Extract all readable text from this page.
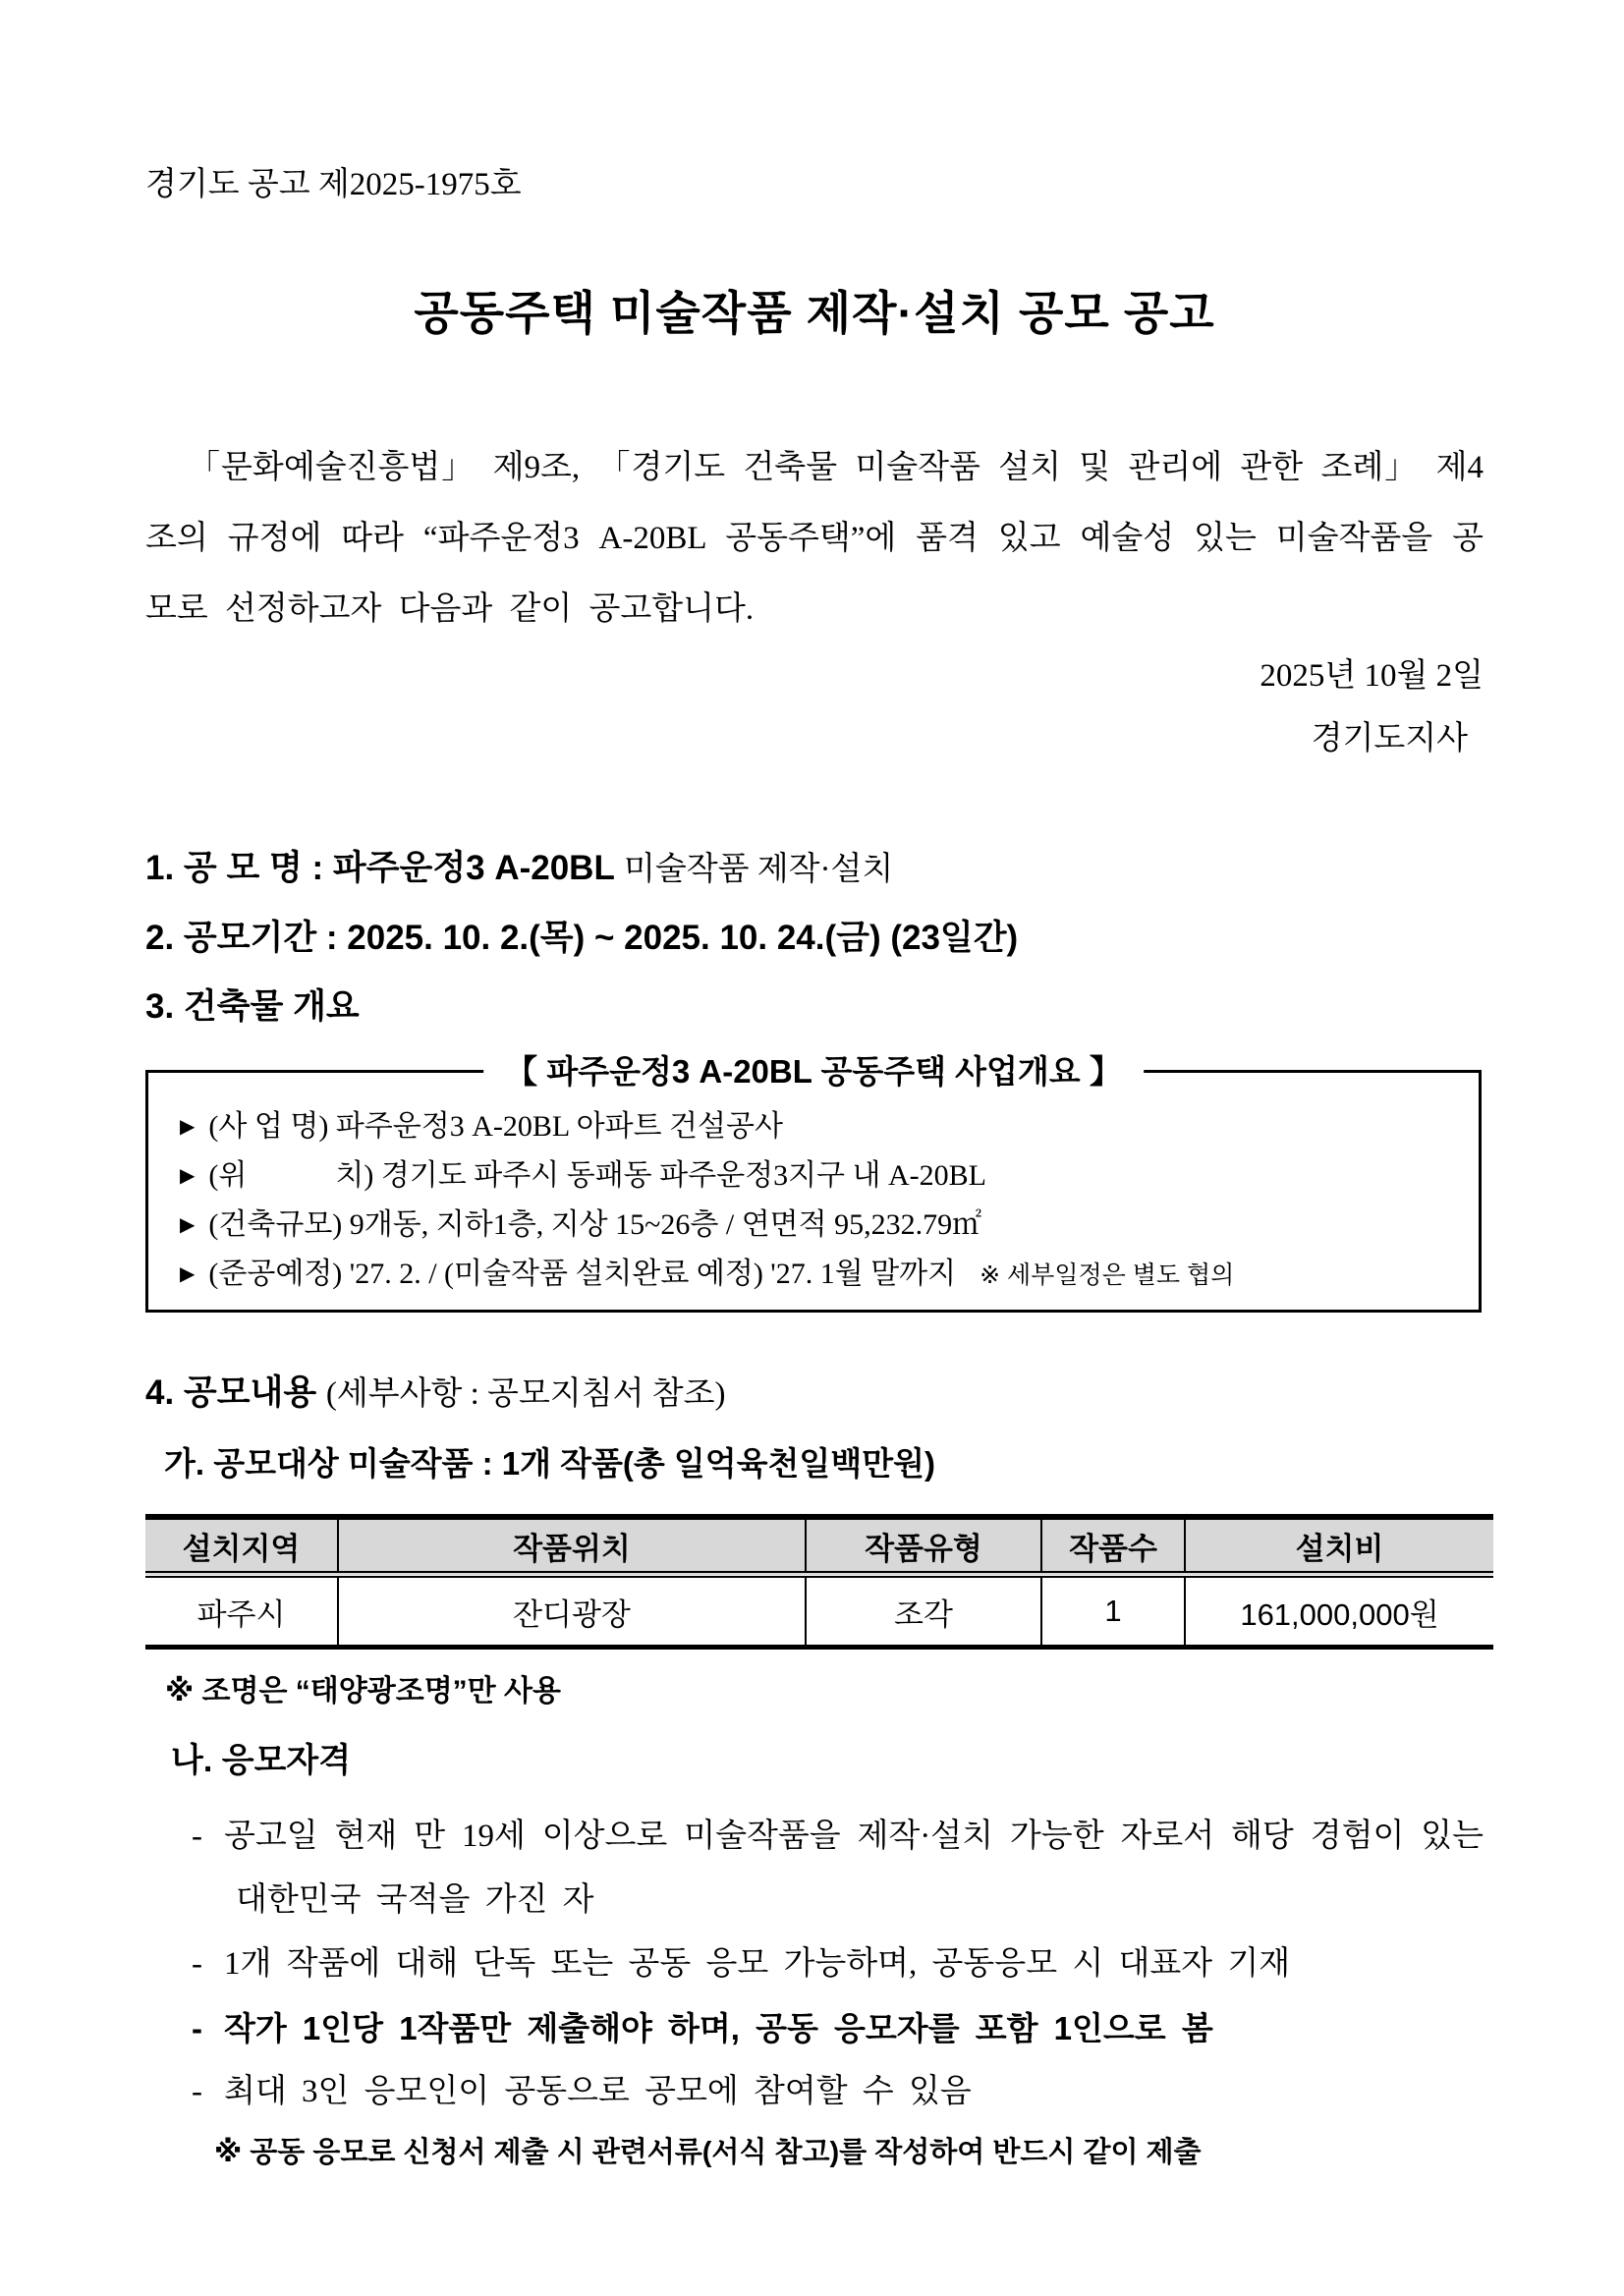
경기도 공고 제2025-1975호
공동주택 미술작품 제작·설치 공모 공고

「문화예술진흥법」 제9조, 「경기도 건축물 미술작품 설치 및 관리에 관한 조례」 제4조의 규정에 따라 “파주운정3 A-20BL 공동주택”에 품격 있고 예술성 있는 미술작품을 공모로 선정하고자 다음과 같이 공고합니다.

2025년 10월 2일
경기도지사
1. 공 모 명 : 파주운정3 A-20BL 미술작품 제작·설치
2. 공모기간 : 2025. 10. 2.(목) ~ 2025. 10. 24.(금) (23일간)
3. 건축물 개요
【 파주운정3 A-20BL 공동주택 사업개요 】
▶ (사 업 명) 파주운정3 A-20BL 아파트 건설공사
▶ (위　　　치) 경기도 파주시 동패동 파주운정3지구 내 A-20BL
▶ (건축규모) 9개동, 지하1층, 지상 15~26층 / 연면적 95,232.79㎡
▶ (준공예정) '27. 2. / (미술작품 설치완료 예정) '27. 1월 말까지 ※ 세부일정은 별도 협의
4. 공모내용 (세부사항 : 공모지침서 참조)
가. 공모대상 미술작품 : 1개 작품(총 일억육천일백만원)
설치지역	작품위치	작품유형	작품수	설치비
파주시	잔디광장	조각	1	161,000,000원
※ 조명은 “태양광조명”만 사용
나. 응모자격
- 공고일 현재 만 19세 이상으로 미술작품을 제작·설치 가능한 자로서 해당 경험이 있는 대한민국 국적을 가진 자
- 1개 작품에 대해 단독 또는 공동 응모 가능하며, 공동응모 시 대표자 기재
- 작가 1인당 1작품만 제출해야 하며, 공동 응모자를 포함 1인으로 봄
- 최대 3인 응모인이 공동으로 공모에 참여할 수 있음
※ 공동 응모로 신청서 제출 시 관련서류(서식 참고)를 작성하여 반드시 같이 제출
